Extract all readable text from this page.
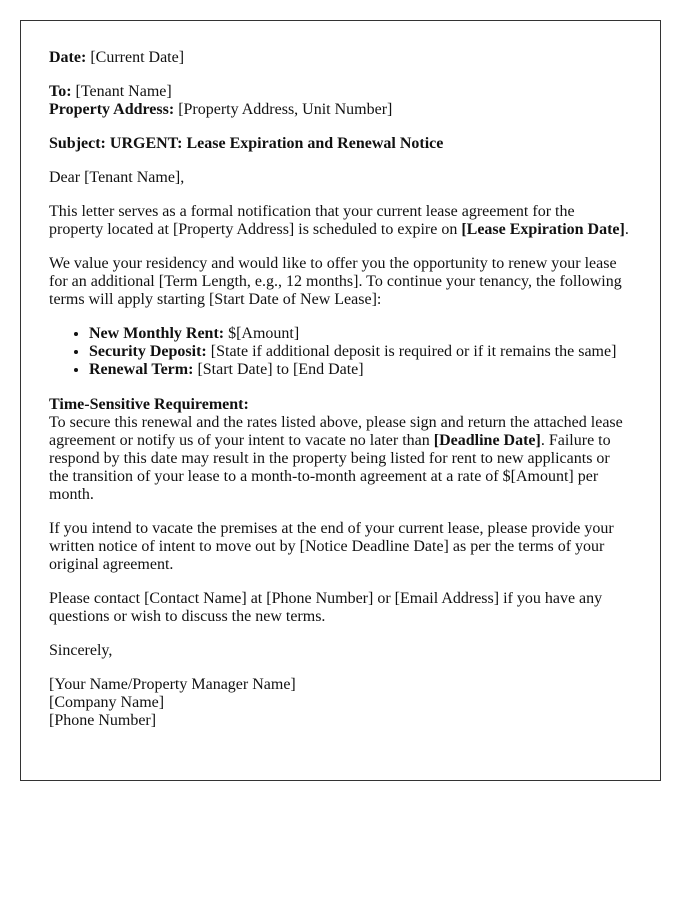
Date: [Current Date]

To: [Tenant Name]
Property Address: [Property Address, Unit Number]

Subject: URGENT: Lease Expiration and Renewal Notice

Dear [Tenant Name],

This letter serves as a formal notification that your current lease agreement for the property located at [Property Address] is scheduled to expire on [Lease Expiration Date].

We value your residency and would like to offer you the opportunity to renew your lease for an additional [Term Length, e.g., 12 months]. To continue your tenancy, the following terms will apply starting [Start Date of New Lease]:

• New Monthly Rent: $[Amount]
• Security Deposit: [State if additional deposit is required or if it remains the same]
• Renewal Term: [Start Date] to [End Date]
Time-Sensitive Requirement:
To secure this renewal and the rates listed above, please sign and return the attached lease agreement or notify us of your intent to vacate no later than [Deadline Date]. Failure to respond by this date may result in the property being listed for rent to new applicants or the transition of your lease to a month-to-month agreement at a rate of $[Amount] per month.

If you intend to vacate the premises at the end of your current lease, please provide your written notice of intent to move out by [Notice Deadline Date] as per the terms of your original agreement.

Please contact [Contact Name] at [Phone Number] or [Email Address] if you have any questions or wish to discuss the new terms.

Sincerely,

[Your Name/Property Manager Name]
[Company Name]
[Phone Number]
